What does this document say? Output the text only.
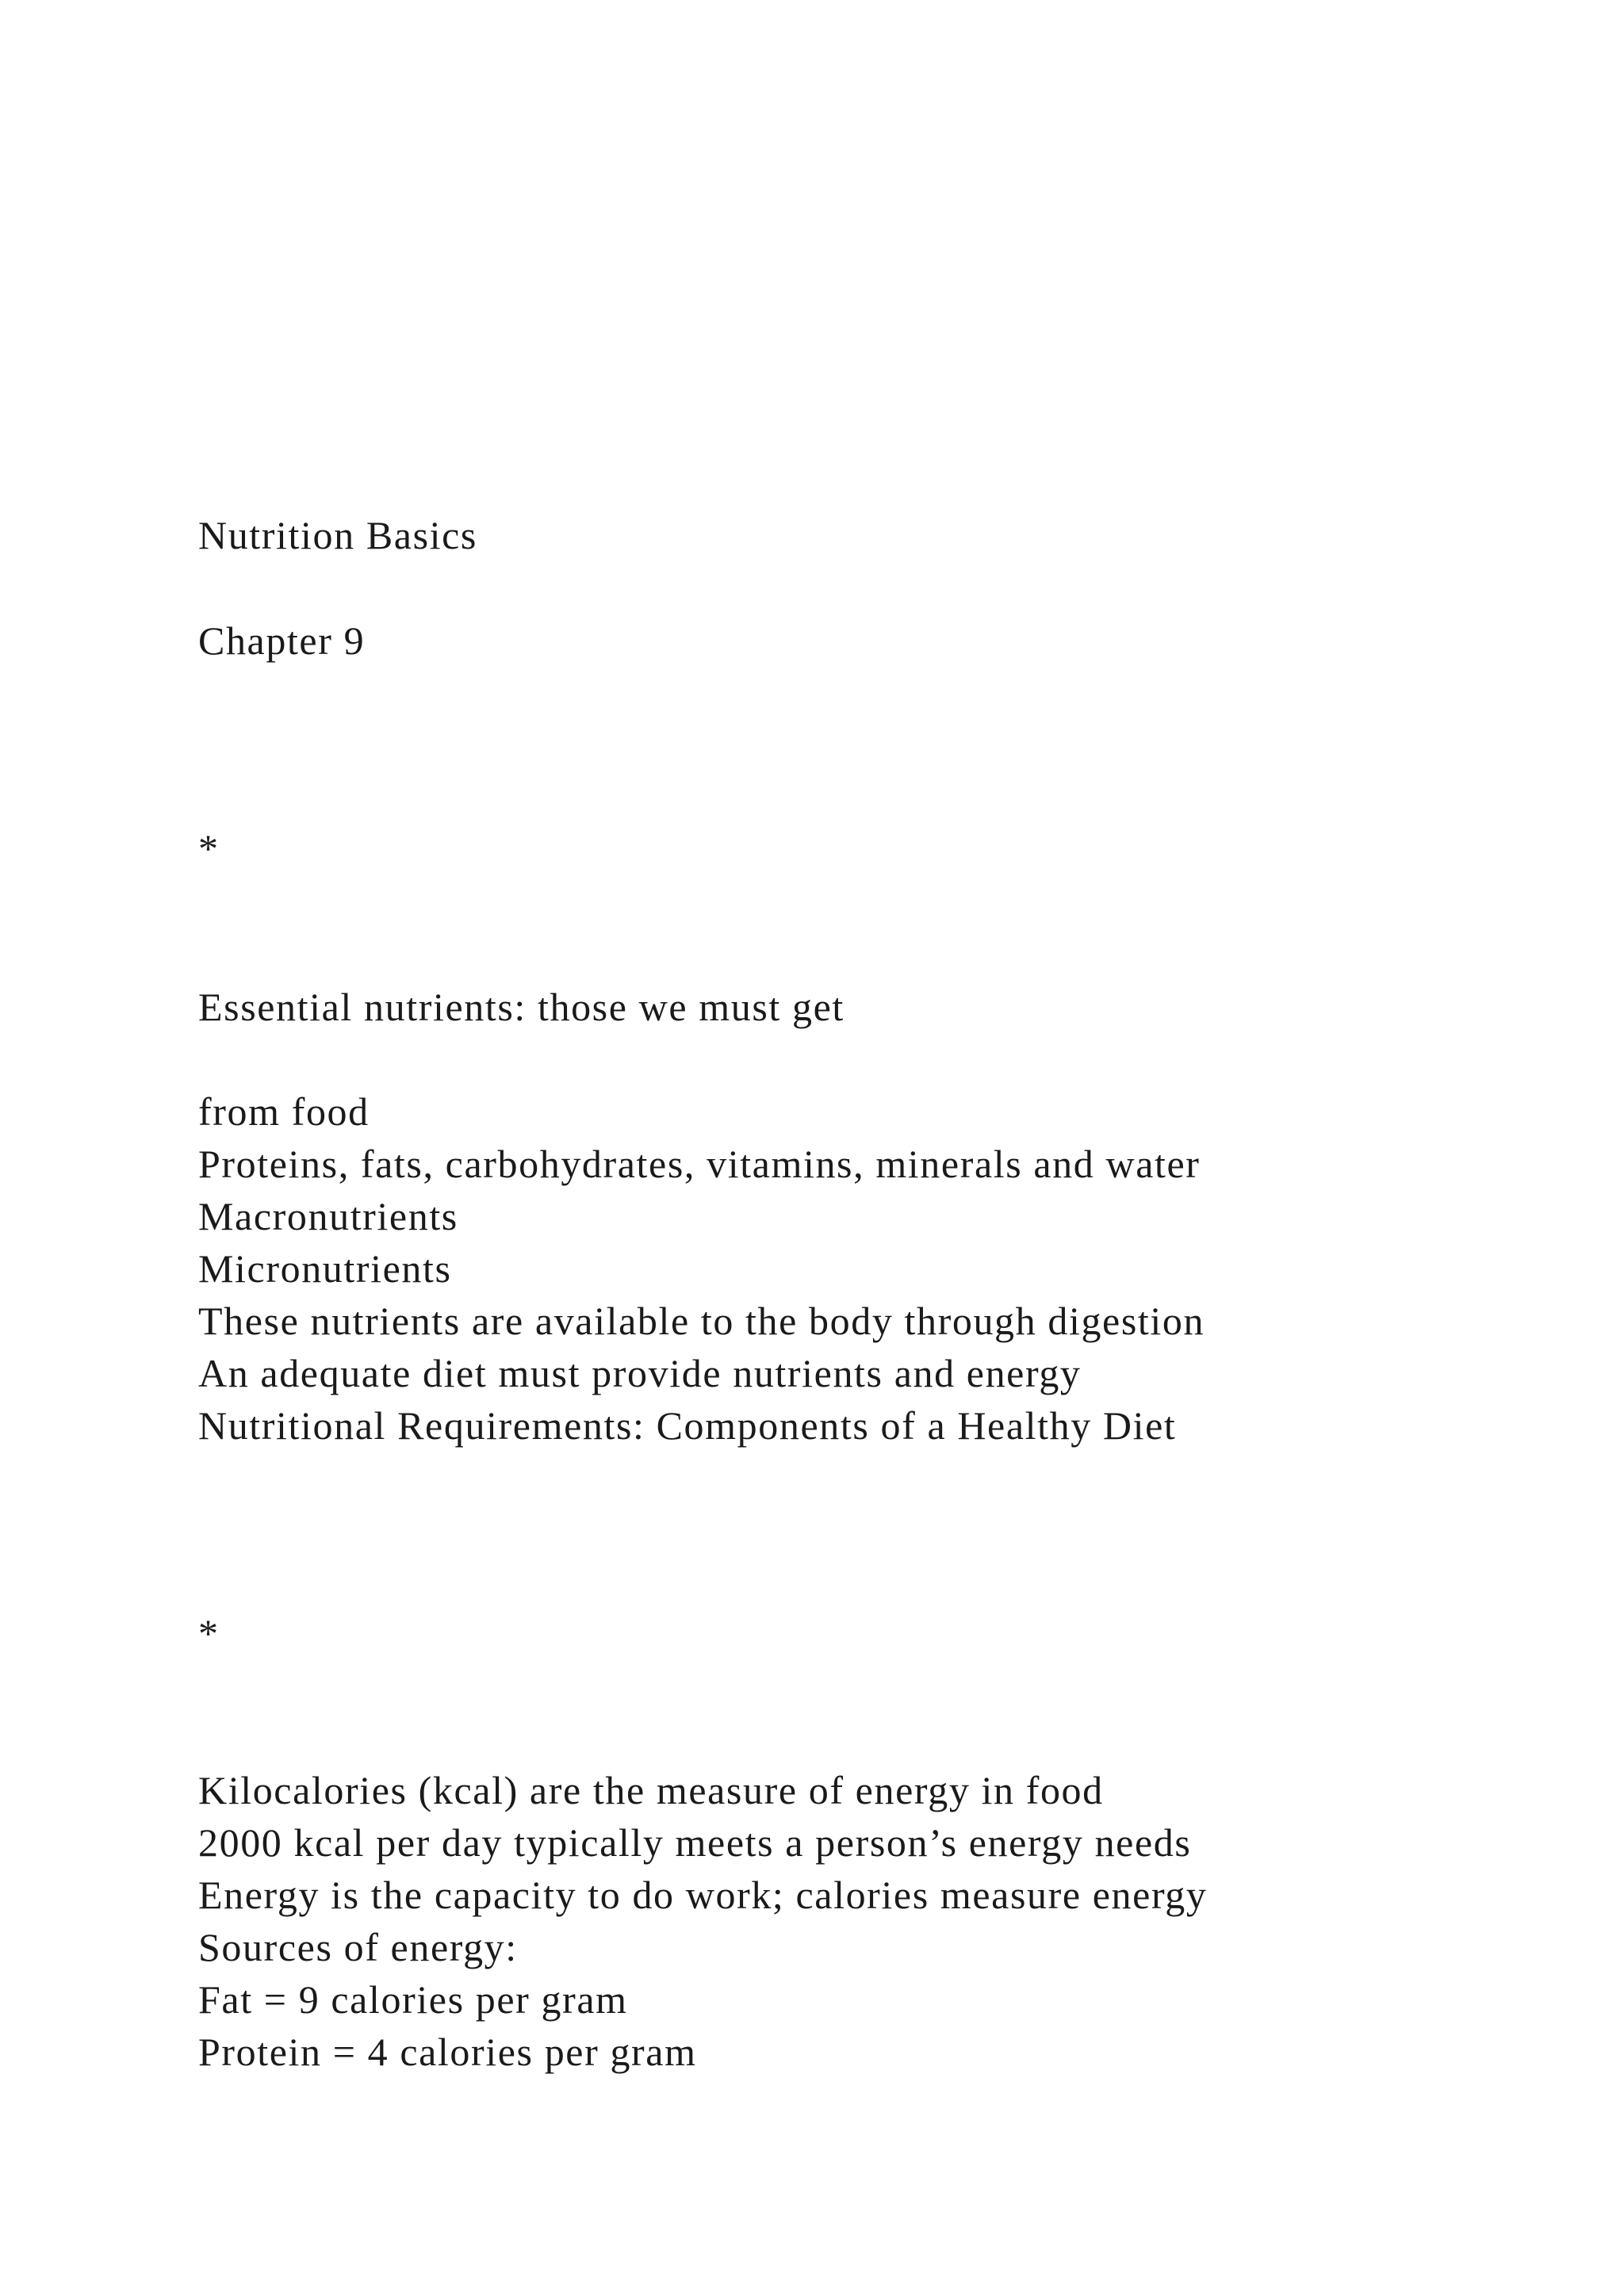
Nutrition Basics

Chapter 9

*

Essential nutrients: those we must get

from food

Proteins, fats, carbohydrates, vitamins, minerals and water

Macronutrients

Micronutrients

These nutrients are available to the body through digestion

An adequate diet must provide nutrients and energy

Nutritional Requirements: Components of a Healthy Diet

*

Kilocalories (kcal) are the measure of energy in food

2000 kcal per day typically meets a person’s energy needs

Energy is the capacity to do work; calories measure energy

Sources of energy:

Fat = 9 calories per gram

Protein = 4 calories per gram
